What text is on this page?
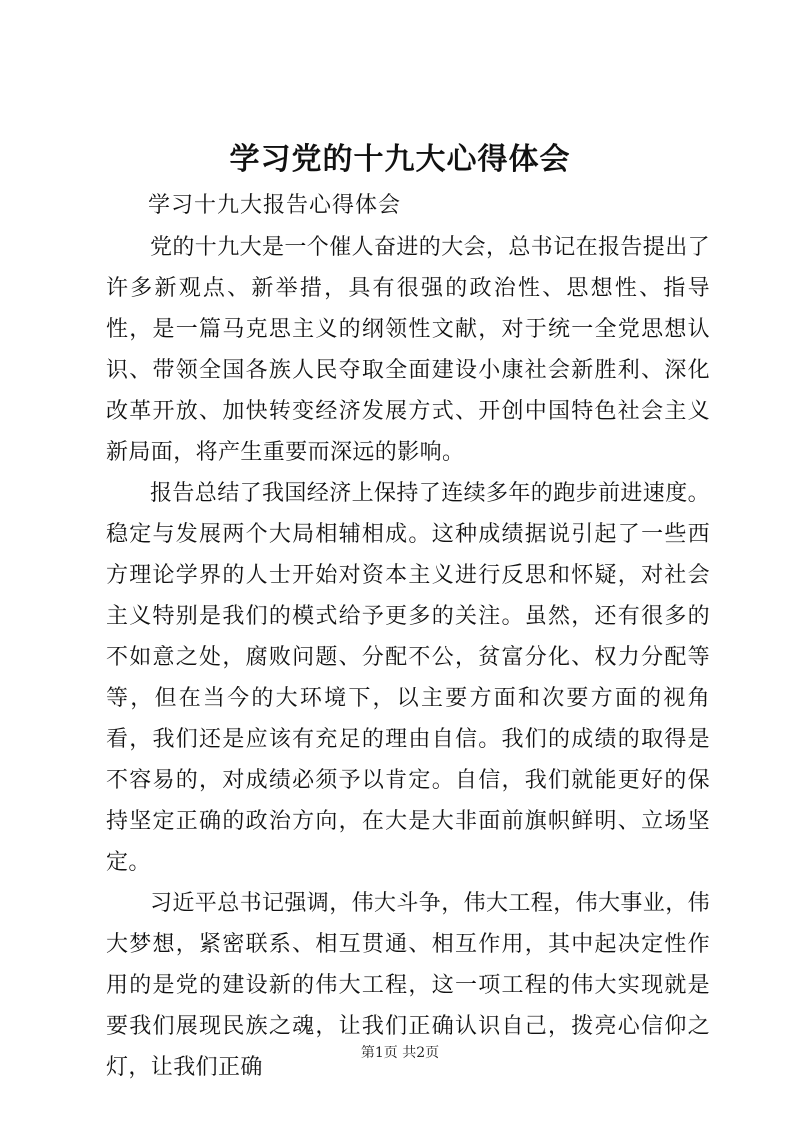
学习党的十九大心得体会

学习十九大报告心得体会

党的十九大是一个催人奋进的大会，总书记在报告提出了许多新观点、新举措，具有很强的政治性、思想性、指导性，是一篇马克思主义的纲领性文献，对于统一全党思想认识、带领全国各族人民夺取全面建设小康社会新胜利、深化改革开放、加快转变经济发展方式、开创中国特色社会主义新局面，将产生重要而深远的影响。

报告总结了我国经济上保持了连续多年的跑步前进速度。稳定与发展两个大局相辅相成。这种成绩据说引起了一些西方理论学界的人士开始对资本主义进行反思和怀疑，对社会主义特别是我们的模式给予更多的关注。虽然，还有很多的不如意之处，腐败问题、分配不公，贫富分化、权力分配等等，但在当今的大环境下，以主要方面和次要方面的视角看，我们还是应该有充足的理由自信。我们的成绩的取得是不容易的，对成绩必须予以肯定。自信，我们就能更好的保持坚定正确的政治方向，在大是大非面前旗帜鲜明、立场坚定。

习近平总书记强调，伟大斗争，伟大工程，伟大事业，伟大梦想，紧密联系、相互贯通、相互作用，其中起决定性作用的是党的建设新的伟大工程，这一项工程的伟大实现就是要我们展现民族之魂，让我们正确认识自己，拨亮心信仰之灯，让我们正确

第1页 共2页
